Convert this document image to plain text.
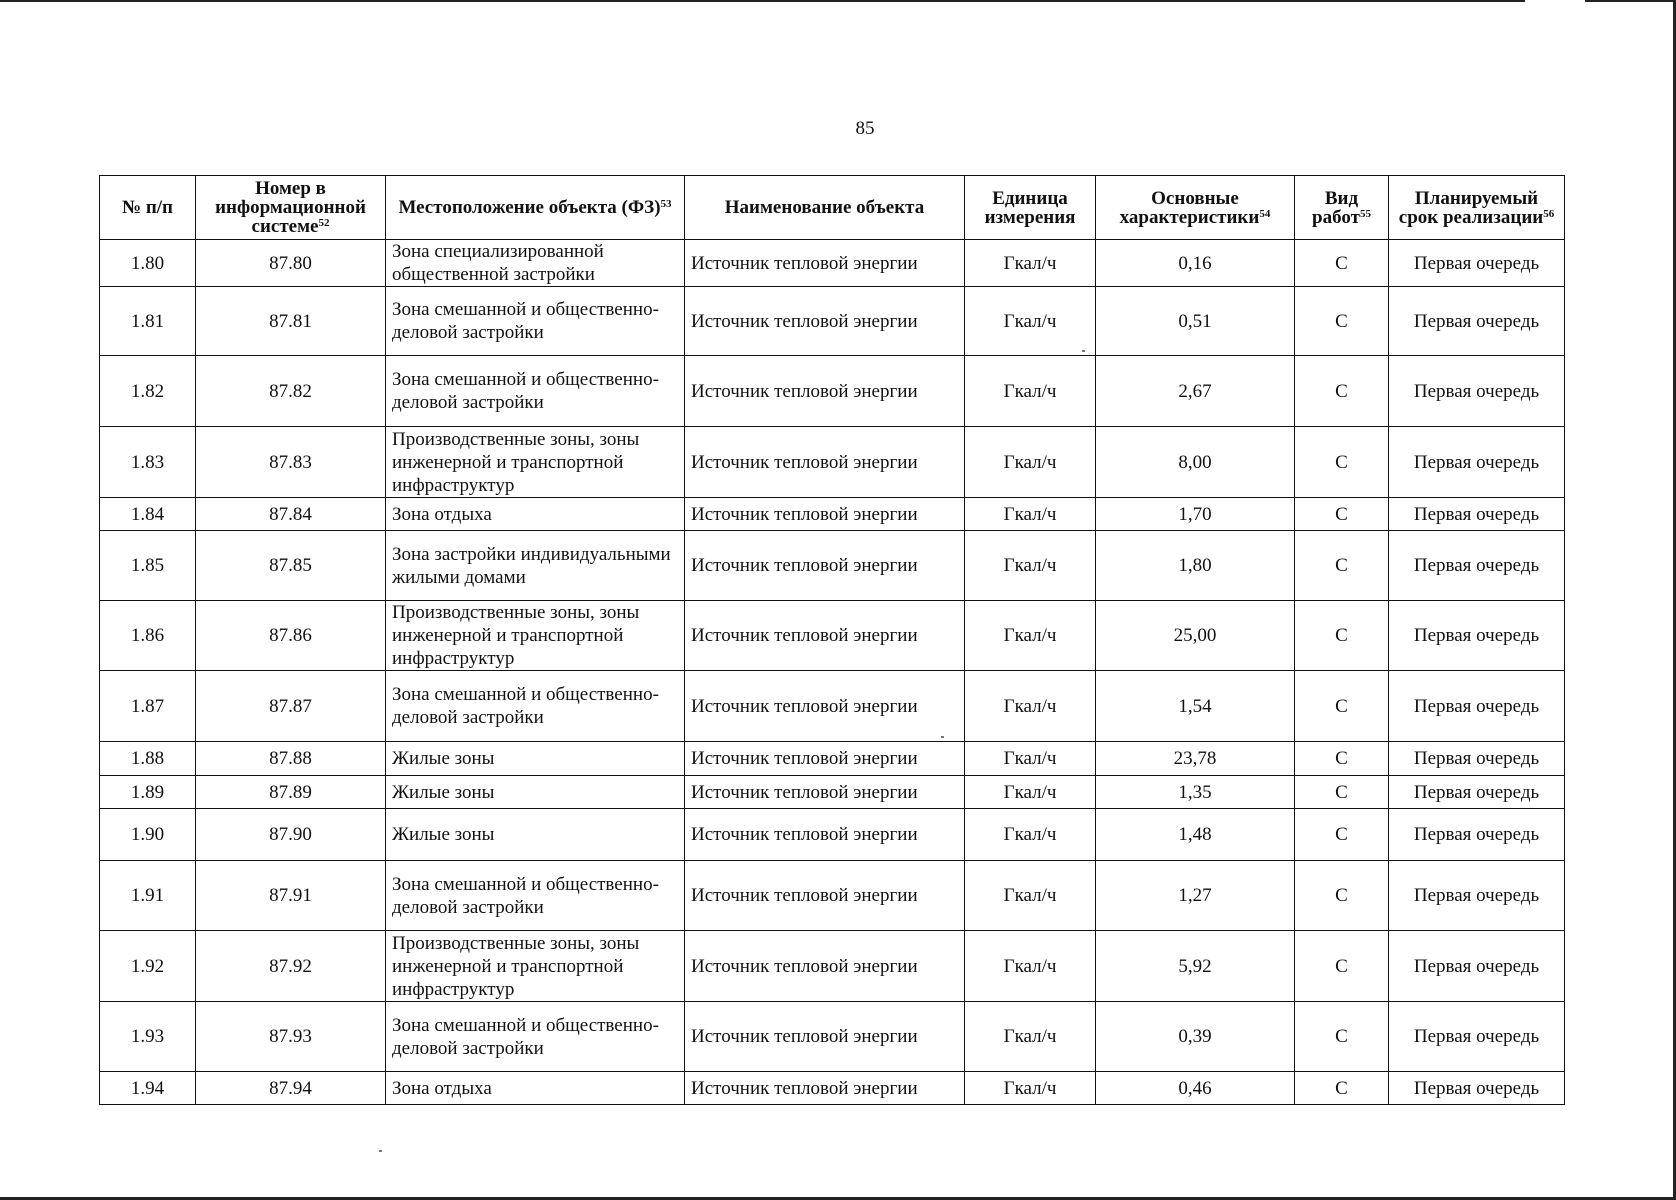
85
№ п/п	Номер в информационной системе$^{52}$	Местоположение объекта (ФЗ)$^{53}$	Наименование объекта	Единица измерения	Основные характеристики$^{54}$	Вид работ$^{55}$	Планируемый срок реализации$^{56}$
1.80	87.80	Зона специализированной общественной застройки	Источник тепловой энергии	Гкал/ч	0,16	С	Первая очередь
1.81	87.81	Зона смешанной и общественно-деловой застройки	Источник тепловой энергии	Гкал/ч	0,51	С	Первая очередь
1.82	87.82	Зона смешанной и общественно-деловой застройки	Источник тепловой энергии	Гкал/ч	2,67	С	Первая очередь
1.83	87.83	Производственные зоны, зоны инженерной и транспортной инфраструктур	Источник тепловой энергии	Гкал/ч	8,00	С	Первая очередь
1.84	87.84	Зона отдыха	Источник тепловой энергии	Гкал/ч	1,70	С	Первая очередь
1.85	87.85	Зона застройки индивидуальными жилыми домами	Источник тепловой энергии	Гкал/ч	1,80	С	Первая очередь
1.86	87.86	Производственные зоны, зоны инженерной и транспортной инфраструктур	Источник тепловой энергии	Гкал/ч	25,00	С	Первая очередь
1.87	87.87	Зона смешанной и общественно-деловой застройки	Источник тепловой энергии	Гкал/ч	1,54	С	Первая очередь
1.88	87.88	Жилые зоны	Источник тепловой энергии	Гкал/ч	23,78	С	Первая очередь
1.89	87.89	Жилые зоны	Источник тепловой энергии	Гкал/ч	1,35	С	Первая очередь
1.90	87.90	Жилые зоны	Источник тепловой энергии	Гкал/ч	1,48	С	Первая очередь
1.91	87.91	Зона смешанной и общественно-деловой застройки	Источник тепловой энергии	Гкал/ч	1,27	С	Первая очередь
1.92	87.92	Производственные зоны, зоны инженерной и транспортной инфраструктур	Источник тепловой энергии	Гкал/ч	5,92	С	Первая очередь
1.93	87.93	Зона смешанной и общественно-деловой застройки	Источник тепловой энергии	Гкал/ч	0,39	С	Первая очередь
1.94	87.94	Зона отдыха	Источник тепловой энергии	Гкал/ч	0,46	С	Первая очередь
